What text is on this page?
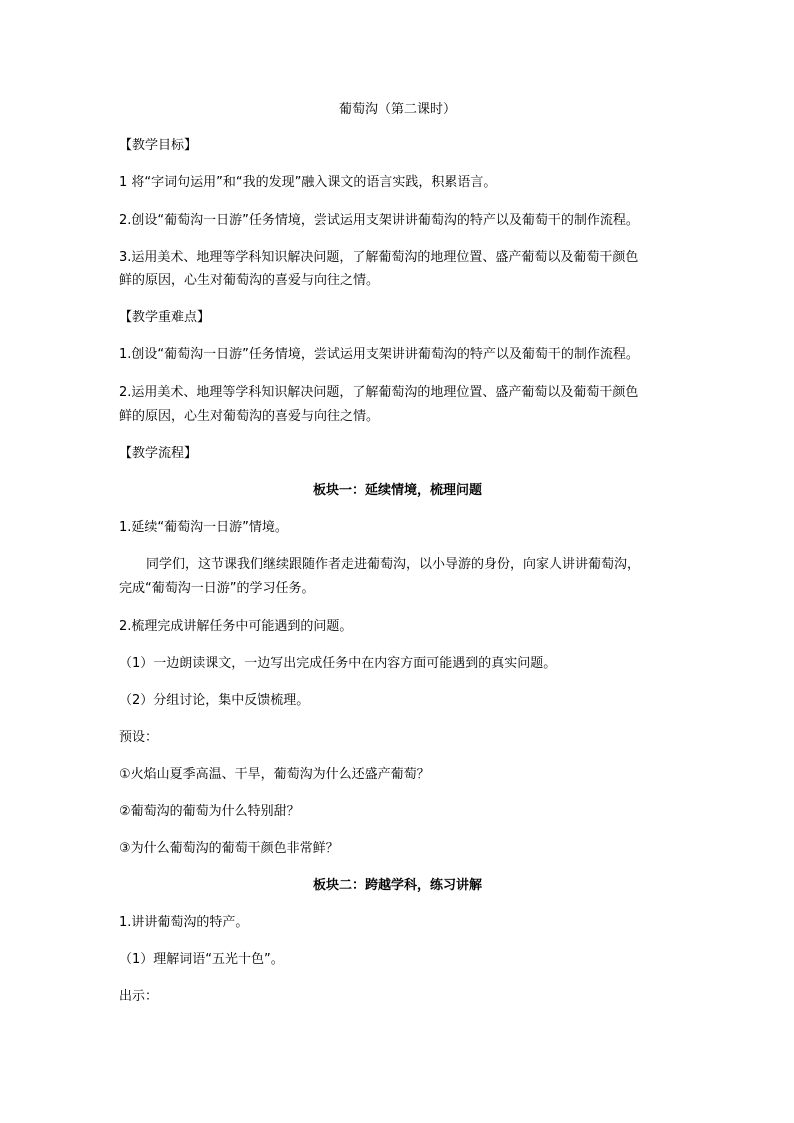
葡萄沟（第二课时）
【教学目标】
1 将“字词句运用”和“我的发现”融入课文的语言实践，积累语言。
2.创设“葡萄沟一日游”任务情境，尝试运用支架讲讲葡萄沟的特产以及葡萄干的制作流程。
3.运用美术、地理等学科知识解决问题，了解葡萄沟的地理位置、盛产葡萄以及葡萄干颜色
鲜的原因，心生对葡萄沟的喜爱与向往之情。
【教学重难点】
1.创设“葡萄沟一日游”任务情境，尝试运用支架讲讲葡萄沟的特产以及葡萄干的制作流程。
2.运用美术、地理等学科知识解决问题，了解葡萄沟的地理位置、盛产葡萄以及葡萄干颜色
鲜的原因，心生对葡萄沟的喜爱与向往之情。
【教学流程】
板块一：延续情境，梳理问题
1.延续“葡萄沟一日游”情境。
同学们，这节课我们继续跟随作者走进葡萄沟，以小导游的身份，向家人讲讲葡萄沟，
完成“葡萄沟一日游”的学习任务。
2.梳理完成讲解任务中可能遇到的问题。
（1）一边朗读课文，一边写出完成任务中在内容方面可能遇到的真实问题。
（2）分组讨论，集中反馈梳理。
预设：
①火焰山夏季高温、干旱，葡萄沟为什么还盛产葡萄？
②葡萄沟的葡萄为什么特别甜？
③为什么葡萄沟的葡萄干颜色非常鲜？
板块二：跨越学科，练习讲解
1.讲讲葡萄沟的特产。
（1）理解词语“五光十色”。
出示：
